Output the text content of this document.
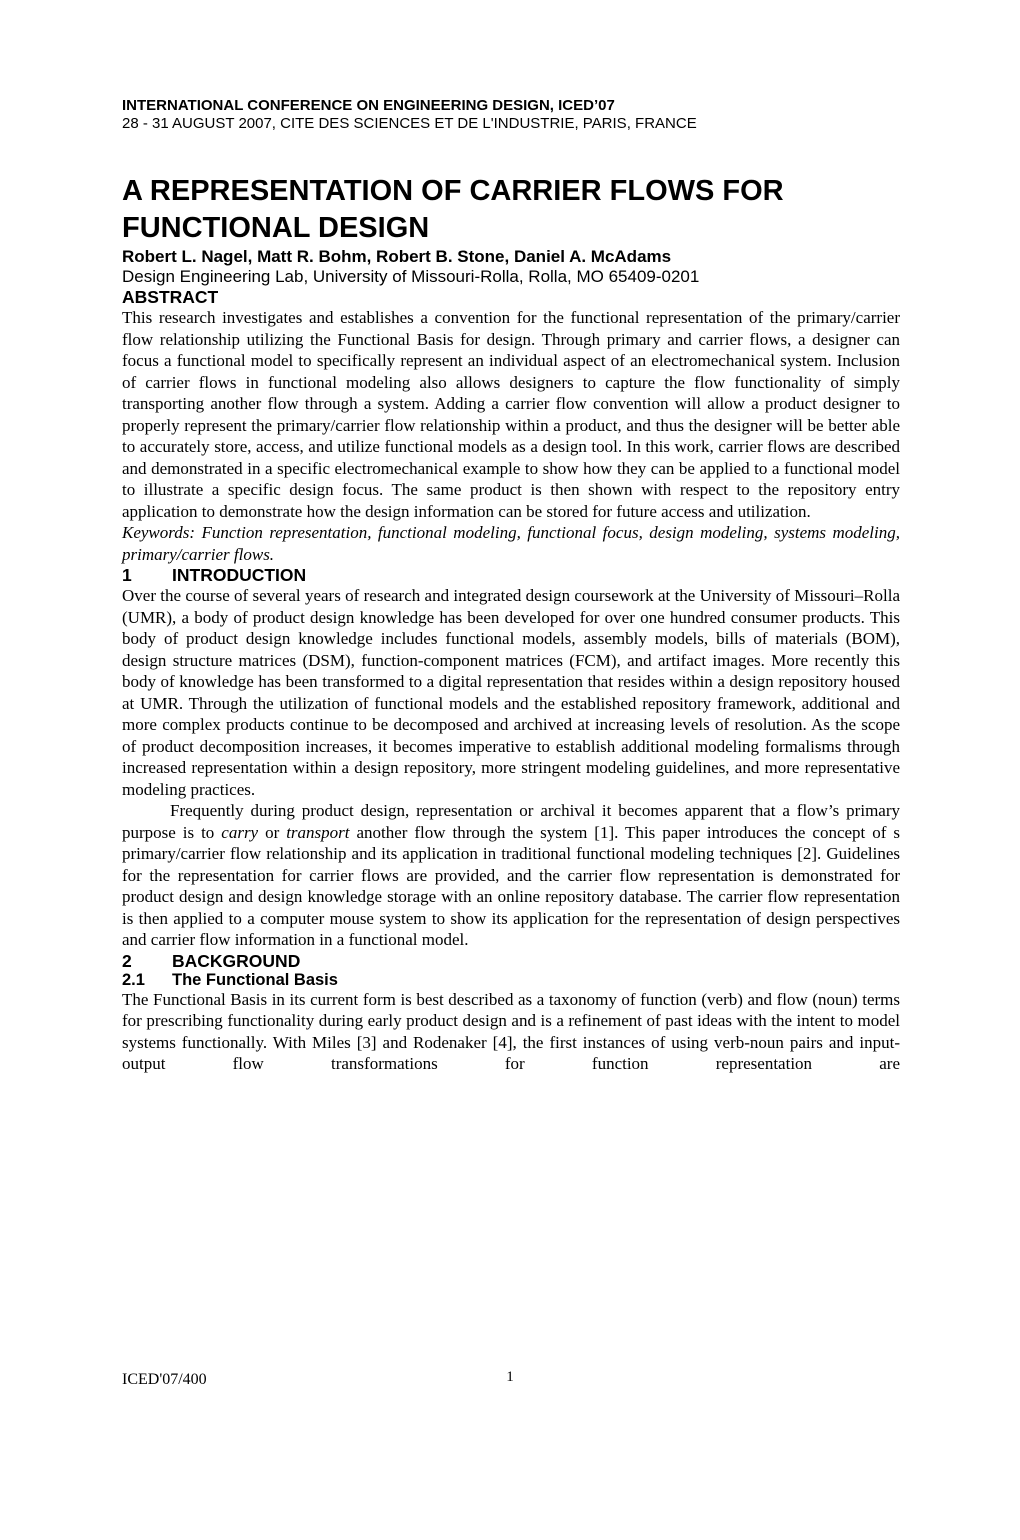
INTERNATIONAL CONFERENCE ON ENGINEERING DESIGN, ICED’07
28 - 31 AUGUST 2007, CITE DES SCIENCES ET DE L'INDUSTRIE, PARIS, FRANCE
A REPRESENTATION OF CARRIER FLOWS FOR
FUNCTIONAL DESIGN
Robert L. Nagel, Matt R. Bohm, Robert B. Stone, Daniel A. McAdams
Design Engineering Lab, University of Missouri-Rolla, Rolla, MO 65409-0201
ABSTRACT

This research investigates and establishes a convention for the functional representation of the primary/carrier flow relationship utilizing the Functional Basis for design. Through primary and carrier flows, a designer can focus a functional model to specifically represent an individual aspect of an electromechanical system. Inclusion of carrier flows in functional modeling also allows designers to capture the flow functionality of simply transporting another flow through a system. Adding a carrier flow convention will allow a product designer to properly represent the primary/carrier flow relationship within a product, and thus the designer will be better able to accurately store, access, and utilize functional models as a design tool. In this work, carrier flows are described and demonstrated in a specific electromechanical example to show how they can be applied to a functional model to illustrate a specific design focus. The same product is then shown with respect to the repository entry application to demonstrate how the design information can be stored for future access and utilization.

Keywords: Function representation, functional modeling, functional focus, design modeling, systems modeling, primary/carrier flows.

1 INTRODUCTION

Over the course of several years of research and integrated design coursework at the University of Missouri–Rolla (UMR), a body of product design knowledge has been developed for over one hundred consumer products. This body of product design knowledge includes functional models, assembly models, bills of materials (BOM), design structure matrices (DSM), function-component matrices (FCM), and artifact images. More recently this body of knowledge has been transformed to a digital representation that resides within a design repository housed at UMR. Through the utilization of functional models and the established repository framework, additional and more complex products continue to be decomposed and archived at increasing levels of resolution. As the scope of product decomposition increases, it becomes imperative to establish additional modeling formalisms through increased representation within a design repository, more stringent modeling guidelines, and more representative modeling practices.

Frequently during product design, representation or archival it becomes apparent that a flow’s primary purpose is to carry or transport another flow through the system [1]. This paper introduces the concept of s primary/carrier flow relationship and its application in traditional functional modeling techniques [2]. Guidelines for the representation for carrier flows are provided, and the carrier flow representation is demonstrated for product design and design knowledge storage with an online repository database. The carrier flow representation is then applied to a computer mouse system to show its application for the representation of design perspectives and carrier flow information in a functional model.

2 BACKGROUND
2.1 The Functional Basis

The Functional Basis in its current form is best described as a taxonomy of function (verb) and flow (noun) terms for prescribing functionality during early product design and is a refinement of past ideas with the intent to model systems functionally. With Miles [3] and Rodenaker [4], the first instances of using verb-noun pairs and input-output flow transformations for function representation are

ICED'07/400	1
